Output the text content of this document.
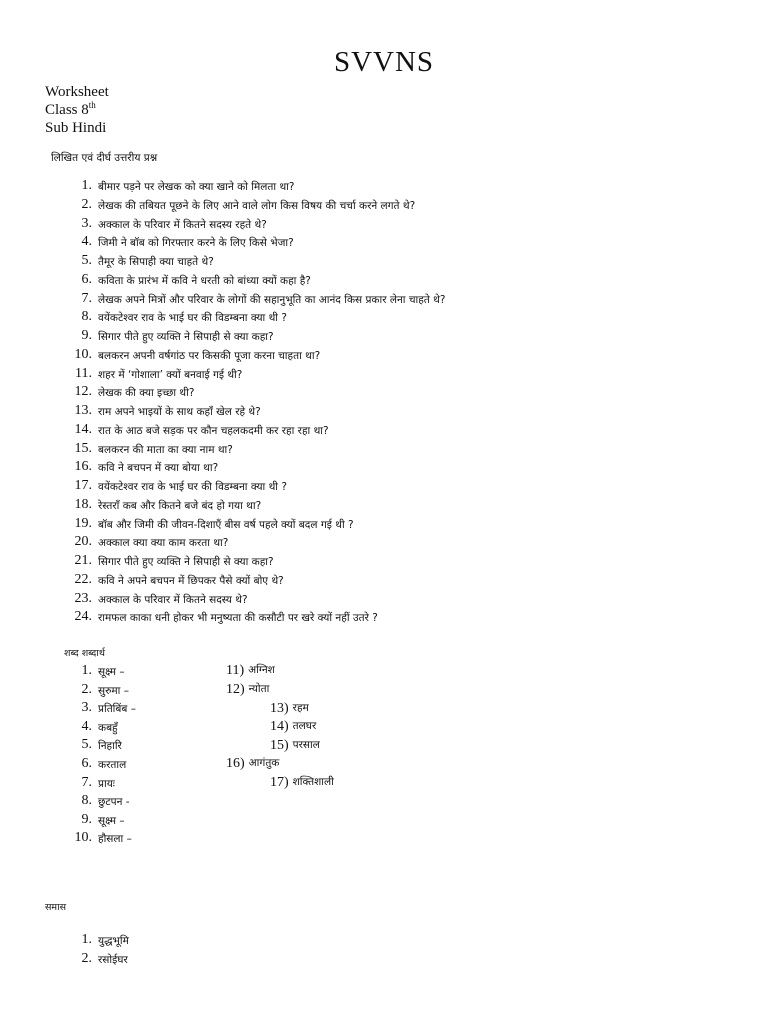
SVVNS
Worksheet
Class 8th
Sub Hindi
लिखित एवं दीर्घ उत्तरीय प्रश्न
1. बीमार पड़ने पर लेखक को क्या खाने को मिलता था?
2. लेखक की तबियत पूछने के लिए आने वाले लोग किस विषय की चर्चा करने लगते थे?
3. अक्काल के परिवार में कितने सदस्य रहते थे?
4. जिमी ने बॉब को गिरफ्तार करने के लिए किसे भेजा?
5. तैमूर के सिपाही क्या चाहते थे?
6. कविता के प्रारंभ में कवि ने धरती को बांध्या क्यों कहा है?
7. लेखक अपने मित्रों और परिवार के लोगों की सहानुभूति का आनंद किस प्रकार लेना चाहते थे?
8. वयेंकटेश्वर राव के भाई घर की विडम्बना क्या थी ?
9. सिगार पीते हुए व्यक्ति ने सिपाही से क्या कहा?
10. बलकरन अपनी वर्षगांठ पर किसकी पूजा करना चाहता था?
11. शहर में ‘गोशाला’ क्यों बनवाई गई थी?
12. लेखक की क्या इच्छा थी?
13. राम अपने भाइयों के साथ कहाँ खेल रहे थे?
14. रात के आठ बजे सड़क पर कौन चहलकदमी कर रहा रहा था?
15. बलकरन की माता का क्या नाम था?
16. कवि ने बचपन में क्या बोया था?
17. वयेंकटेश्वर राव के भाई घर की विडम्बना क्या थी ?
18. रेस्तराँ कब और कितने बजे बंद हो गया था?
19. बॉब और जिमी की जीवन-दिशाएँ बीस वर्ष पहले क्यों बदल गई थी ?
20. अक्काल क्या क्या काम करता था?
21. सिगार पीते हुए व्यक्ति ने सिपाही से क्या कहा?
22. कवि ने अपने बचपन में छिपकर पैसे क्यों बोए थे?
23. अक्काल के परिवार में कितने सदस्य थे?
24. रामफल काका धनी होकर भी मनुष्यता की कसौटी पर खरे क्यों नहीं उतरे ?
शब्द शब्दार्थ
1. सूक्ष्म –
2. सुरुमा –
3. प्रतिबिंब –
4. कबहुँ
5. निहारि
6. करताल
7. प्रायः
8. छुटपन -
9. सूक्ष्म –
10. हौसला –
11) अग्निश
12) न्योता
13) रहम
14) तलघर
15) परसाल
16) आगंतुक
17) शक्तिशाली
समास
1. युद्धभूमि
2. रसोईघर
